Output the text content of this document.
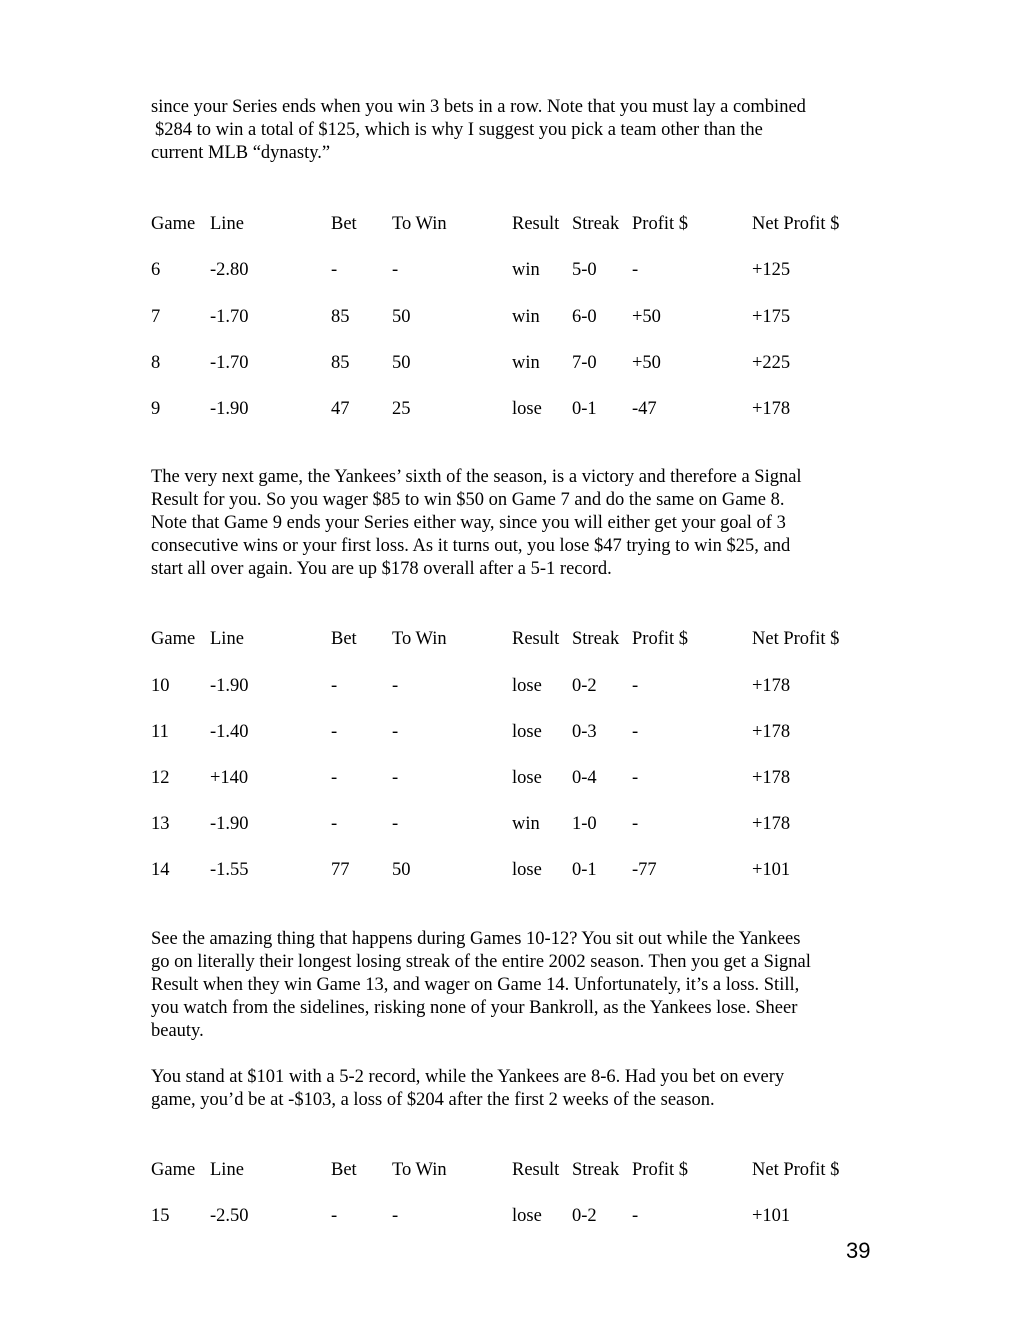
since your Series ends when you win 3 bets in a row. Note that you must lay a combined
$284 to win a total of $125, which is why I suggest you pick a team other than the
current MLB “dynasty.”
Game Line	Bet To Win	Result Streak Profit $	Net Profit $
6	-2.80	-	-	win 5-0 -	+125
7	-1.70	85 50	win 6-0 +50	+175
8	-1.70	85 50	win 7-0 +50	+225
9	-1.90	47 25	lose 0-1 -47	+178
The very next game, the Yankees’ sixth of the season, is a victory and therefore a Signal
Result for you. So you wager $85 to win $50 on Game 7 and do the same on Game 8.
Note that Game 9 ends your Series either way, since you will either get your goal of 3
consecutive wins or your first loss. As it turns out, you lose $47 trying to win $25, and
start all over again. You are up $178 overall after a 5-1 record.
Game Line	Bet To Win	Result Streak Profit $	Net Profit $
10 -1.90	-	-	lose 0-2 -	+178
11 -1.40	-	-	lose 0-3 -	+178
12 +140	-	-	lose 0-4 -	+178
13 -1.90	-	-	win 1-0 -	+178
14 -1.55	77 50	lose 0-1 -77	+101
See the amazing thing that happens during Games 10-12? You sit out while the Yankees
go on literally their longest losing streak of the entire 2002 season. Then you get a Signal
Result when they win Game 13, and wager on Game 14. Unfortunately, it’s a loss. Still,
you watch from the sidelines, risking none of your Bankroll, as the Yankees lose. Sheer
beauty.
You stand at $101 with a 5-2 record, while the Yankees are 8-6. Had you bet on every
game, you’d be at -$103, a loss of $204 after the first 2 weeks of the season.
Game Line	Bet To Win	Result Streak Profit $	Net Profit $
15 -2.50	-	-	lose 0-2 -	+101
39
